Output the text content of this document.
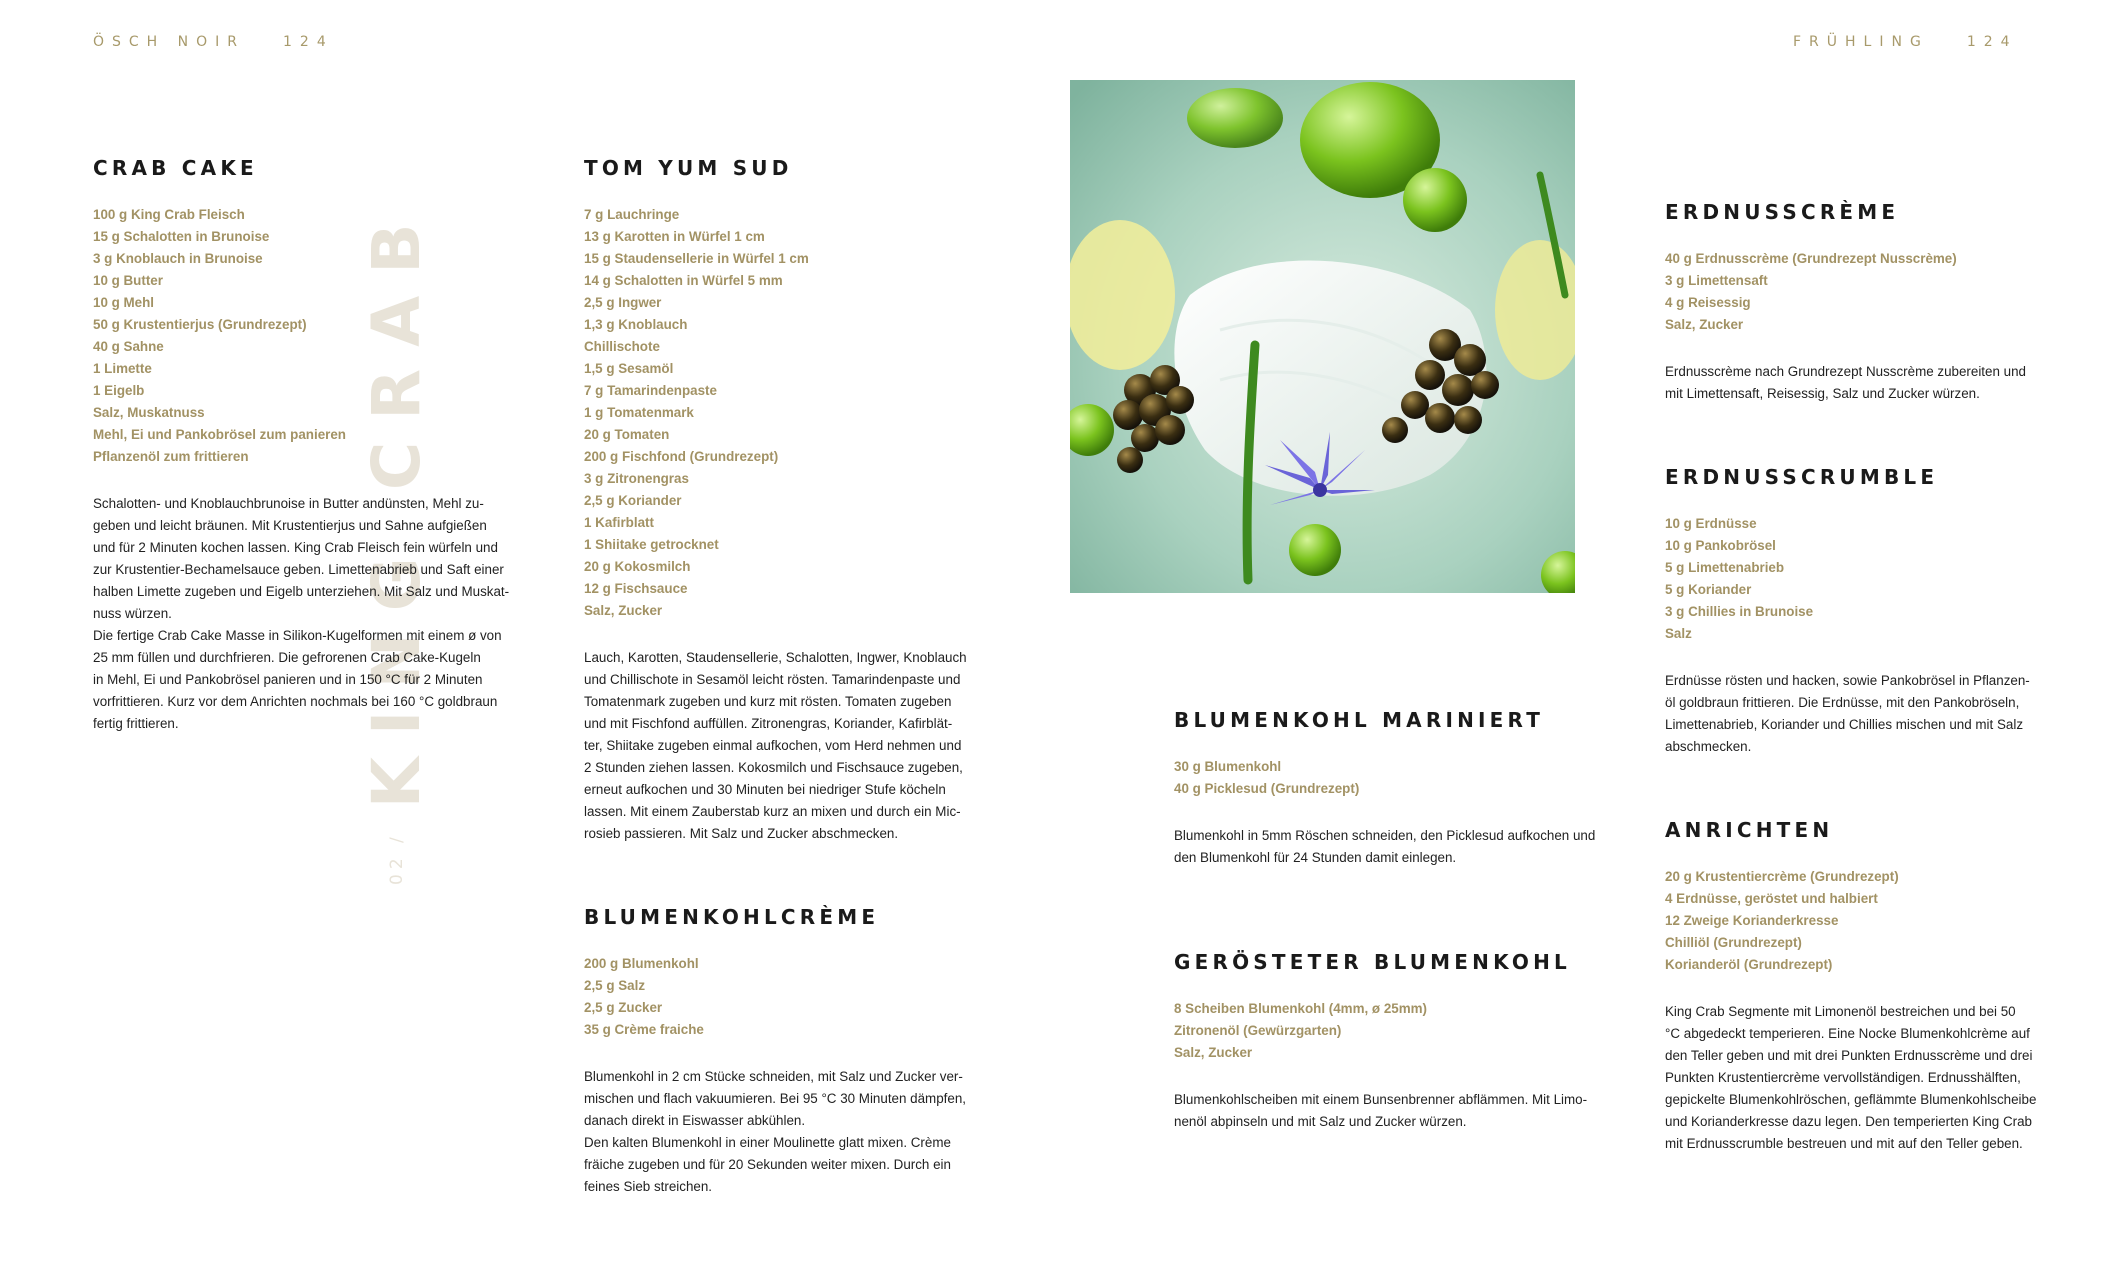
ÖSCH NOIR	124	FRÜHLING	124
02 /
KING CRAB
CRAB CAKE
100 g King Crab Fleisch
15 g Schalotten in Brunoise
3 g Knoblauch in Brunoise
10 g Butter
10 g Mehl
50 g Krustentierjus (Grundrezept)
40 g Sahne
1 Limette
1 Eigelb
Salz, Muskatnuss
Mehl, Ei und Pankobrösel zum panieren
Pflanzenöl zum frittieren

Schalotten- und Knoblauchbrunoise in Butter andünsten, Mehl zu-

geben und leicht bräunen. Mit Krustentierjus und Sahne aufgießen

und für 2 Minuten kochen lassen. King Crab Fleisch fein würfeln und

zur Krustentier-Bechamelsauce geben. Limettenabrieb und Saft einer

halben Limette zugeben und Eigelb unterziehen. Mit Salz und Muskat-

nuss würzen.

Die fertige Crab Cake Masse in Silikon-Kugelformen mit einem ø von

25 mm füllen und durchfrieren. Die gefrorenen Crab Cake-Kugeln

in Mehl, Ei und Pankobrösel panieren und in 150 °C für 2 Minuten

vorfrittieren. Kurz vor dem Anrichten nochmals bei 160 °C goldbraun

fertig frittieren.

TOM YUM SUD
7 g Lauchringe
13 g Karotten in Würfel 1 cm
15 g Staudensellerie in Würfel 1 cm
14 g Schalotten in Würfel 5 mm
2,5 g Ingwer
1,3 g Knoblauch
Chillischote
1,5 g Sesamöl
7 g Tamarindenpaste
1 g Tomatenmark
20 g Tomaten
200 g Fischfond (Grundrezept)
3 g Zitronengras
2,5 g Koriander
1 Kafirblatt
1 Shiitake getrocknet
20 g Kokosmilch
12 g Fischsauce
Salz, Zucker

Lauch, Karotten, Staudensellerie, Schalotten, Ingwer, Knoblauch

und Chillischote in Sesamöl leicht rösten. Tamarindenpaste und

Tomatenmark zugeben und kurz mit rösten. Tomaten zugeben

und mit Fischfond auffüllen. Zitronengras, Koriander, Kafirblät-

ter, Shiitake zugeben einmal aufkochen, vom Herd nehmen und

2 Stunden ziehen lassen. Kokosmilch und Fischsauce zugeben,

erneut aufkochen und 30 Minuten bei niedriger Stufe köcheln

lassen. Mit einem Zauberstab kurz an mixen und durch ein Mic-

rosieb passieren. Mit Salz und Zucker abschmecken.

BLUMENKOHLCRÈME
200 g Blumenkohl
2,5 g Salz
2,5 g Zucker
35 g Crème fraiche

Blumenkohl in 2 cm Stücke schneiden, mit Salz und Zucker ver-

mischen und flach vakuumieren. Bei 95 °C 30 Minuten dämpfen,

danach direkt in Eiswasser abkühlen.

Den kalten Blumenkohl in einer Moulinette glatt mixen. Crème

fräiche zugeben und für 20 Sekunden weiter mixen. Durch ein

feines Sieb streichen.

BLUMENKOHL MARINIERT
30 g Blumenkohl
40 g Picklesud (Grundrezept)

Blumenkohl in 5mm Röschen schneiden, den Picklesud aufkochen und

den Blumenkohl für 24 Stunden damit einlegen.

GERÖSTETER BLUMENKOHL
8 Scheiben Blumenkohl (4mm, ø 25mm)
Zitronenöl (Gewürzgarten)
Salz, Zucker

Blumenkohlscheiben mit einem Bunsenbrenner abflämmen. Mit Limo-

nenöl abpinseln und mit Salz und Zucker würzen.

ERDNUSSCRÈME
40 g Erdnusscrème (Grundrezept Nusscrème)
3 g Limettensaft
4 g Reisessig
Salz, Zucker

Erdnusscrème nach Grundrezept Nusscrème zubereiten und

mit Limettensaft, Reisessig, Salz und Zucker würzen.

ERDNUSSCRUMBLE
10 g Erdnüsse
10 g Pankobrösel
5 g Limettenabrieb
5 g Koriander
3 g Chillies in Brunoise
Salz

Erdnüsse rösten und hacken, sowie Pankobrösel in Pflanzen-

öl goldbraun frittieren. Die Erdnüsse, mit den Pankobröseln,

Limettenabrieb, Koriander und Chillies mischen und mit Salz

abschmecken.

ANRICHTEN
20 g Krustentiercrème (Grundrezept)
4 Erdnüsse, geröstet und halbiert
12 Zweige Korianderkresse
Chilliöl (Grundrezept)
Korianderöl (Grundrezept)

King Crab Segmente mit Limonenöl bestreichen und bei 50

°C abgedeckt temperieren. Eine Nocke Blumenkohlcrème auf

den Teller geben und mit drei Punkten Erdnusscrème und drei

Punkten Krustentiercrème vervollständigen. Erdnusshälften,

gepickelte Blumenkohlröschen, geflämmte Blumenkohlscheibe

und Korianderkresse dazu legen. Den temperierten King Crab

mit Erdnusscrumble bestreuen und mit auf den Teller geben.
